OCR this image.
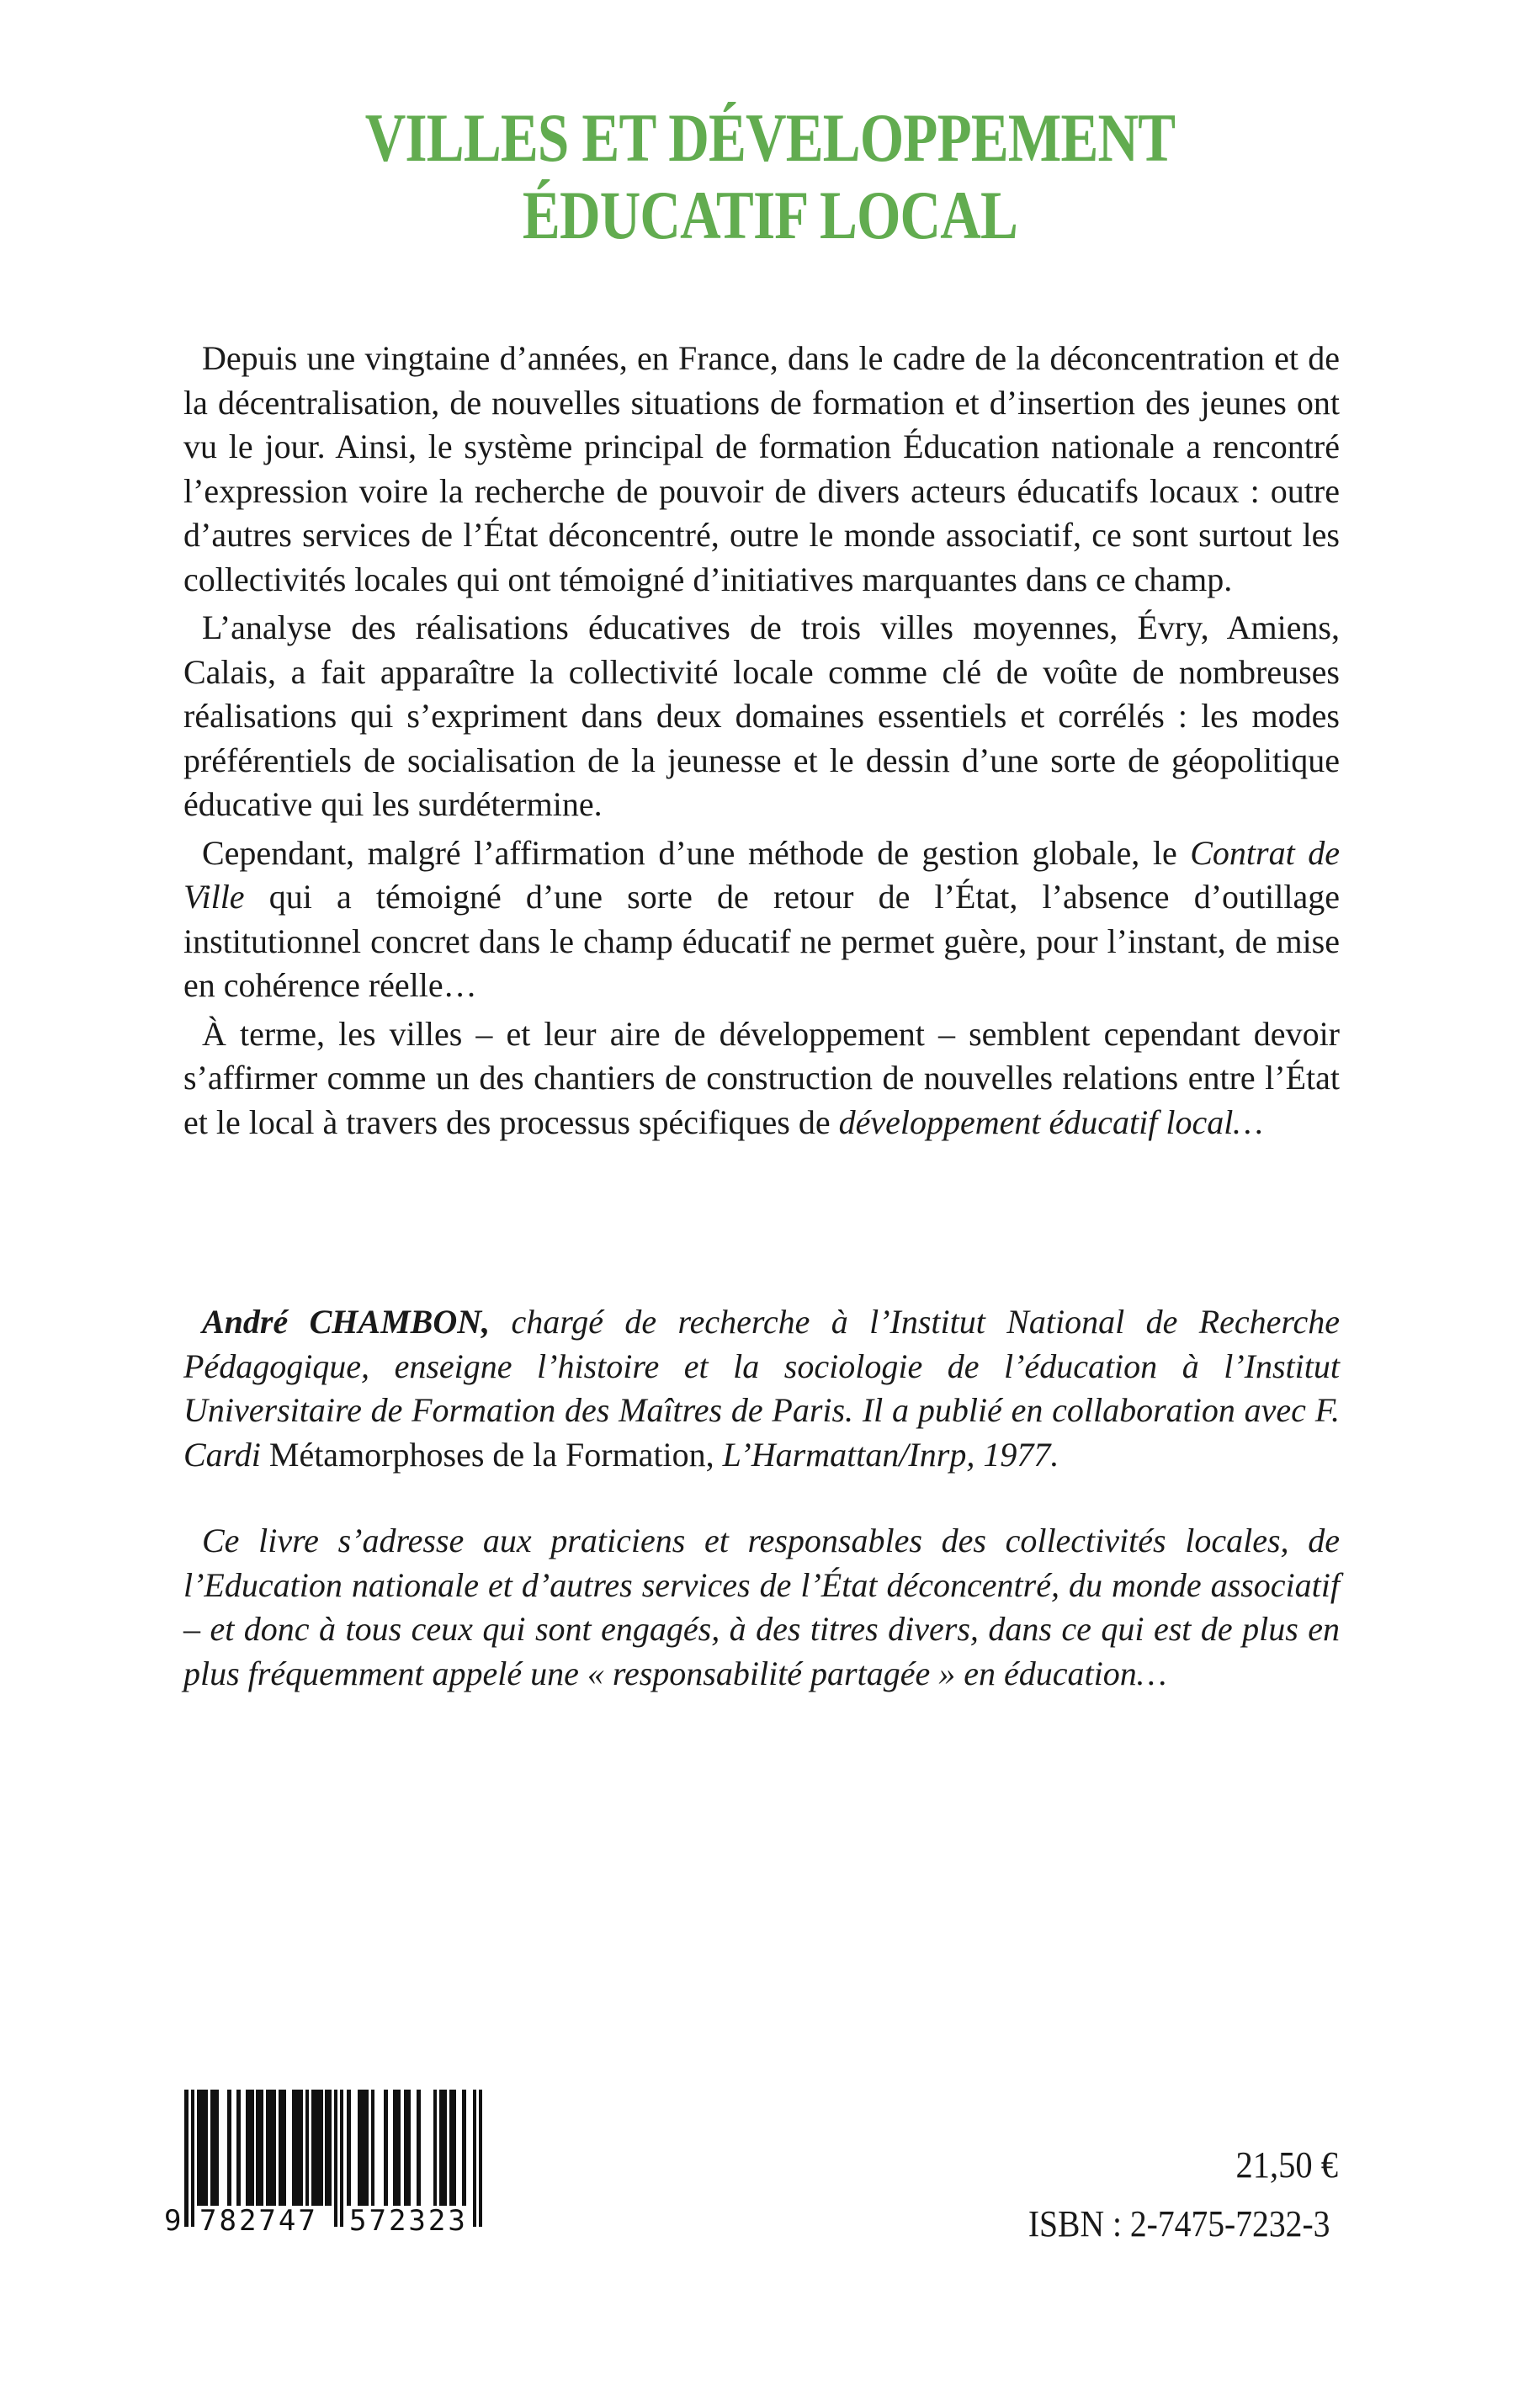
VILLES ET DÉVELOPPEMENT
ÉDUCATIF LOCAL

Depuis une vingtaine d’années, en France, dans le cadre de la déconcentration et de la décentralisation, de nouvelles situations de formation et d’insertion des jeunes ont vu le jour. Ainsi, le système principal de formation Éducation nationale a rencontré l’expression voire la recherche de pouvoir de divers acteurs éducatifs locaux : outre d’autres services de l’État déconcentré, outre le monde associatif, ce sont surtout les collectivités locales qui ont témoigné d’initiatives marquantes dans ce champ.

L’analyse des réalisations éducatives de trois villes moyennes, Évry, Amiens, Calais, a fait apparaître la collectivité locale comme clé de voûte de nombreuses réalisations qui s’expriment dans deux domaines essentiels et corrélés : les modes préférentiels de socialisation de la jeunesse et le dessin d’une sorte de géopolitique éducative qui les surdétermine.

Cependant, malgré l’affirmation d’une méthode de gestion globale, le Contrat de Ville qui a témoigné d’une sorte de retour de l’État, l’absence d’outillage institutionnel concret dans le champ éducatif ne permet guère, pour l’instant, de mise en cohérence réelle…

À terme, les villes – et leur aire de développement – semblent cependant devoir s’affirmer comme un des chantiers de construction de nouvelles relations entre l’État et le local à travers des processus spécifiques de développement éducatif local…

André CHAMBON, chargé de recherche à l’Institut National de Recherche Pédagogique, enseigne l’histoire et la sociologie de l’éducation à l’Institut Universitaire de Formation des Maîtres de Paris. Il a publié en collaboration avec F. Cardi Métamorphoses de la Formation, L’Harmattan/Inrp, 1977.

Ce livre s’adresse aux praticiens et responsables des collectivités locales, de l’Education nationale et d’autres services de l’État déconcentré, du monde associatif – et donc à tous ceux qui sont engagés, à des titres divers, dans ce qui est de plus en plus fréquemment appelé une « responsabilité partagée » en éducation…

9 782747 572323
21,50 €
ISBN : 2-7475-7232-3
